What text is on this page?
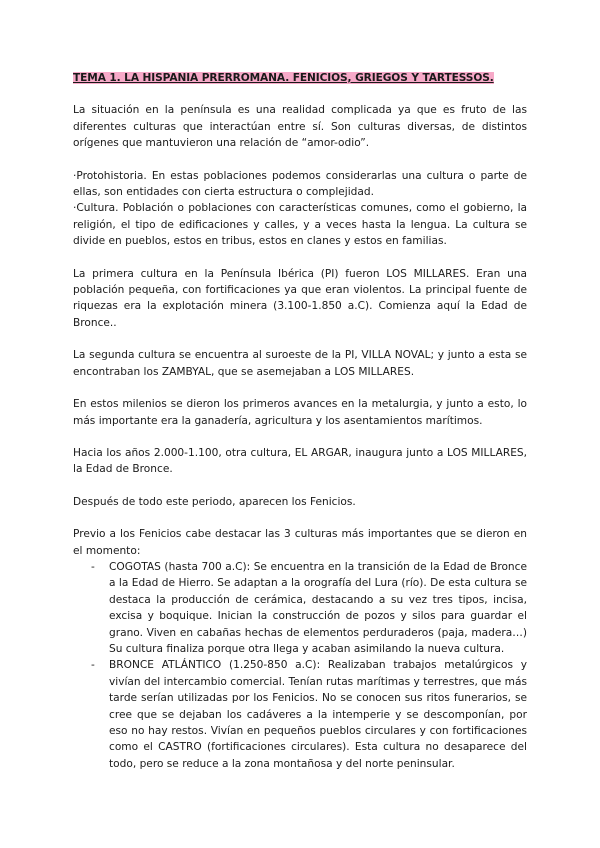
TEMA 1. LA HISPANIA PRERROMANA. FENICIOS, GRIEGOS Y TARTESSOS.

La situación en la península es una realidad complicada ya que es fruto de las diferentes culturas que interactúan entre sí. Son culturas diversas, de distintos orígenes que mantuvieron una relación de “amor-odio”.

·Protohistoria. En estas poblaciones podemos considerarlas una cultura o parte de ellas, son entidades con cierta estructura o complejidad.

·Cultura. Población o poblaciones con características comunes, como el gobierno, la religión, el tipo de edificaciones y calles, y a veces hasta la lengua. La cultura se divide en pueblos, estos en tribus, estos en clanes y estos en familias.

La primera cultura en la Península Ibérica (PI) fueron LOS MILLARES. Eran una población pequeña, con fortificaciones ya que eran violentos. La principal fuente de riquezas era la explotación minera (3.100-1.850 a.C). Comienza aquí la Edad de Bronce..

La segunda cultura se encuentra al suroeste de la PI, VILLA NOVAL; y junto a esta se encontraban los ZAMBYAL, que se asemejaban a LOS MILLARES.

En estos milenios se dieron los primeros avances en la metalurgia, y junto a esto, lo más importante era la ganadería, agricultura y los asentamientos marítimos.

Hacia los años 2.000-1.100, otra cultura, EL ARGAR, inaugura junto a LOS MILLARES, la Edad de Bronce.

Después de todo este periodo, aparecen los Fenicios.

Previo a los Fenicios cabe destacar las 3 culturas más importantes que se dieron en el momento:

- COGOTAS (hasta 700 a.C): Se encuentra en la transición de la Edad de Bronce a la Edad de Hierro. Se adaptan a la orografía del Lura (río). De esta cultura se destaca la producción de cerámica, destacando a su vez tres tipos, incisa, excisa y boquique. Inician la construcción de pozos y silos para guardar el grano. Viven en cabañas hechas de elementos perduraderos (paja, madera…) Su cultura finaliza porque otra llega y acaban asimilando la nueva cultura.
- BRONCE ATLÁNTICO (1.250-850 a.C): Realizaban trabajos metalúrgicos y vivían del intercambio comercial. Tenían rutas marítimas y terrestres, que más tarde serían utilizadas por los Fenicios. No se conocen sus ritos funerarios, se cree que se dejaban los cadáveres a la intemperie y se descomponían, por eso no hay restos. Vivían en pequeños pueblos circulares y con fortificaciones como el CASTRO (fortificaciones circulares). Esta cultura no desaparece del todo, pero se reduce a la zona montañosa y del norte peninsular.
